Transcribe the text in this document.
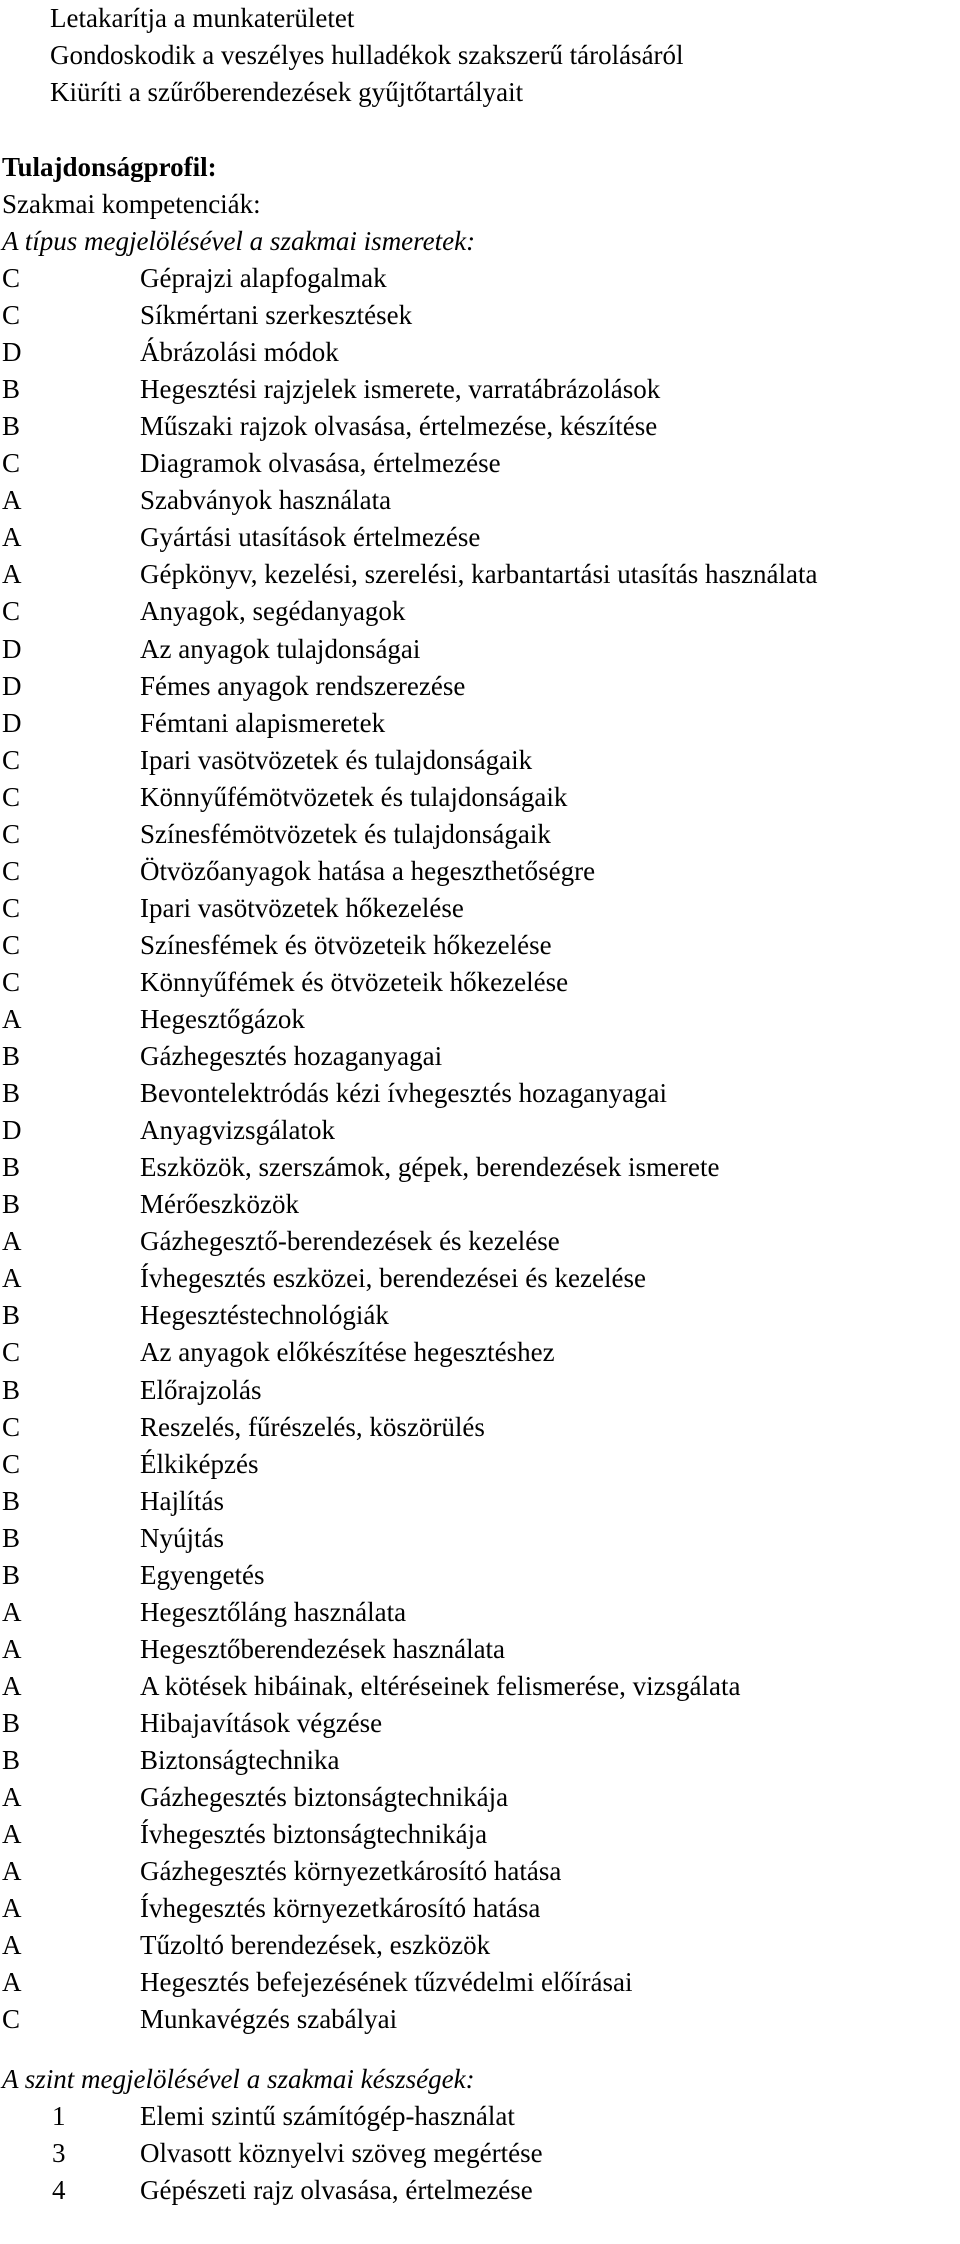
Letakarítja a munkaterületet
Gondoskodik a veszélyes hulladékok szakszerű tárolásáról
Kiüríti a szűrőberendezések gyűjtőtartályait
Tulajdonságprofil:
Szakmai kompetenciák:
A típus megjelölésével a szakmai ismeretek:
C	Géprajzi alapfogalmak
C	Síkmértani szerkesztések
D	Ábrázolási módok
B	Hegesztési rajzjelek ismerete, varratábrázolások
B	Műszaki rajzok olvasása, értelmezése, készítése
C	Diagramok olvasása, értelmezése
A	Szabványok használata
A	Gyártási utasítások értelmezése
A	Gépkönyv, kezelési, szerelési, karbantartási utasítás használata
C	Anyagok, segédanyagok
D	Az anyagok tulajdonságai
D	Fémes anyagok rendszerezése
D	Fémtani alapismeretek
C	Ipari vasötvözetek és tulajdonságaik
C	Könnyűfémötvözetek és tulajdonságaik
C	Színesfémötvözetek és tulajdonságaik
C	Ötvözőanyagok hatása a hegeszthetőségre
C	Ipari vasötvözetek hőkezelése
C	Színesfémek és ötvözeteik hőkezelése
C	Könnyűfémek és ötvözeteik hőkezelése
A	Hegesztőgázok
B	Gázhegesztés hozaganyagai
B	Bevontelektródás kézi ívhegesztés hozaganyagai
D	Anyagvizsgálatok
B	Eszközök, szerszámok, gépek, berendezések ismerete
B	Mérőeszközök
A	Gázhegesztő-berendezések és kezelése
A	Ívhegesztés eszközei, berendezései és kezelése
B	Hegesztéstechnológiák
C	Az anyagok előkészítése hegesztéshez
B	Előrajzolás
C	Reszelés, fűrészelés, köszörülés
C	Élkiképzés
B	Hajlítás
B	Nyújtás
B	Egyengetés
A	Hegesztőláng használata
A	Hegesztőberendezések használata
A	A kötések hibáinak, eltéréseinek felismerése, vizsgálata
B	Hibajavítások végzése
B	Biztonságtechnika
A	Gázhegesztés biztonságtechnikája
A	Ívhegesztés biztonságtechnikája
A	Gázhegesztés környezetkárosító hatása
A	Ívhegesztés környezetkárosító hatása
A	Tűzoltó berendezések, eszközök
A	Hegesztés befejezésének tűzvédelmi előírásai
C	Munkavégzés szabályai
A szint megjelölésével a szakmai készségek:
1	Elemi szintű számítógép-használat
3	Olvasott köznyelvi szöveg megértése
4	Gépészeti rajz olvasása, értelmezése
